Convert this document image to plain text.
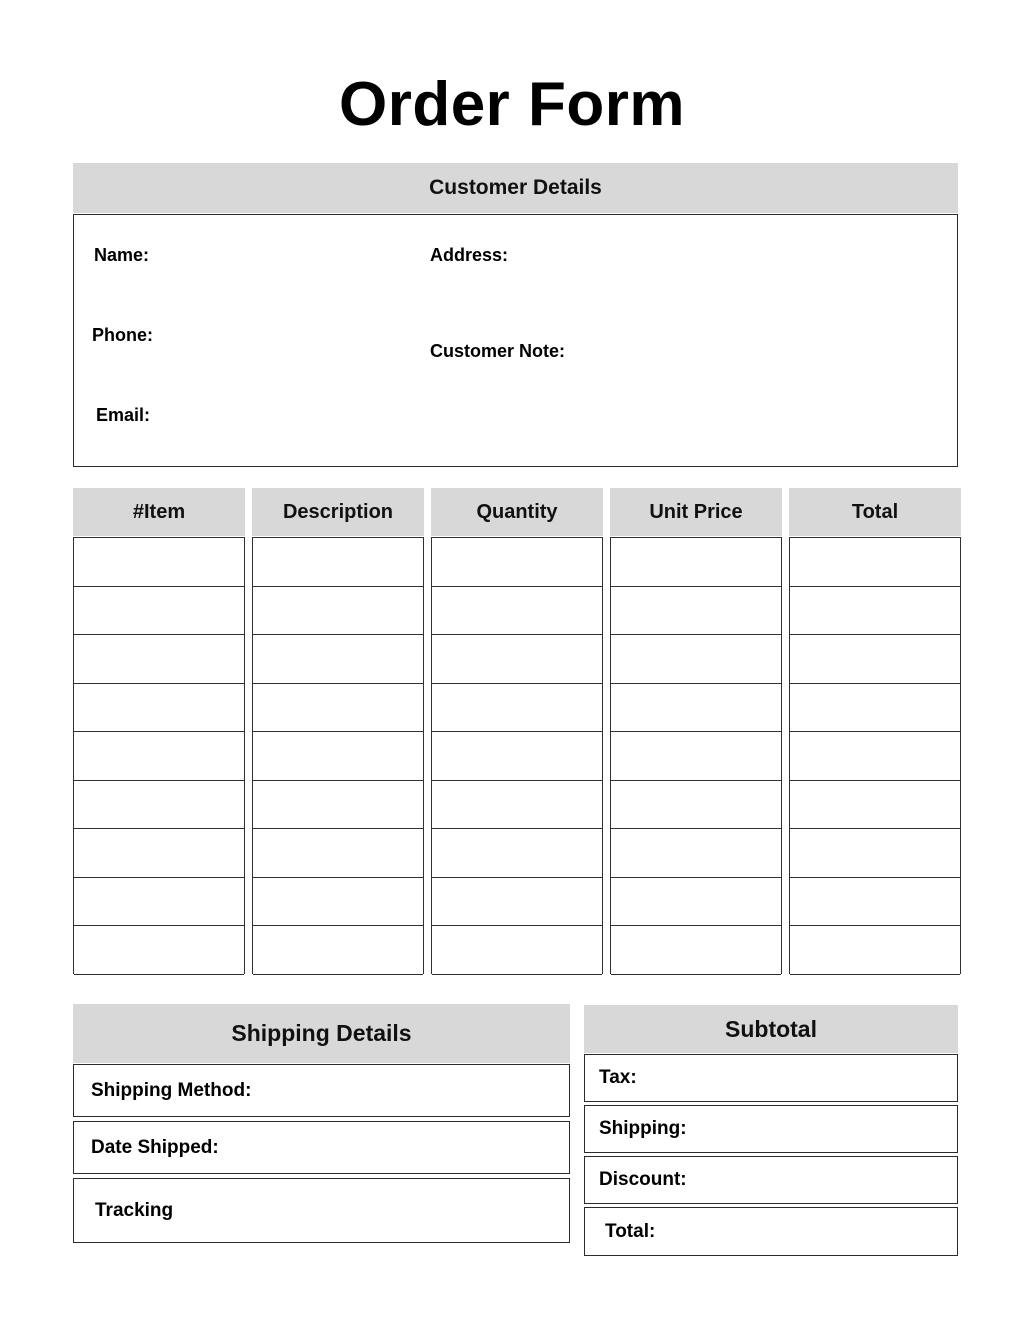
Order Form
Customer Details
Name:
Phone:
Email:
Address:
Customer Note:
#Item	Description	Quantity	Unit Price	Total
Shipping Details
Shipping Method:
Date Shipped:
Tracking
Subtotal
Tax:
Shipping:
Discount:
Total:
